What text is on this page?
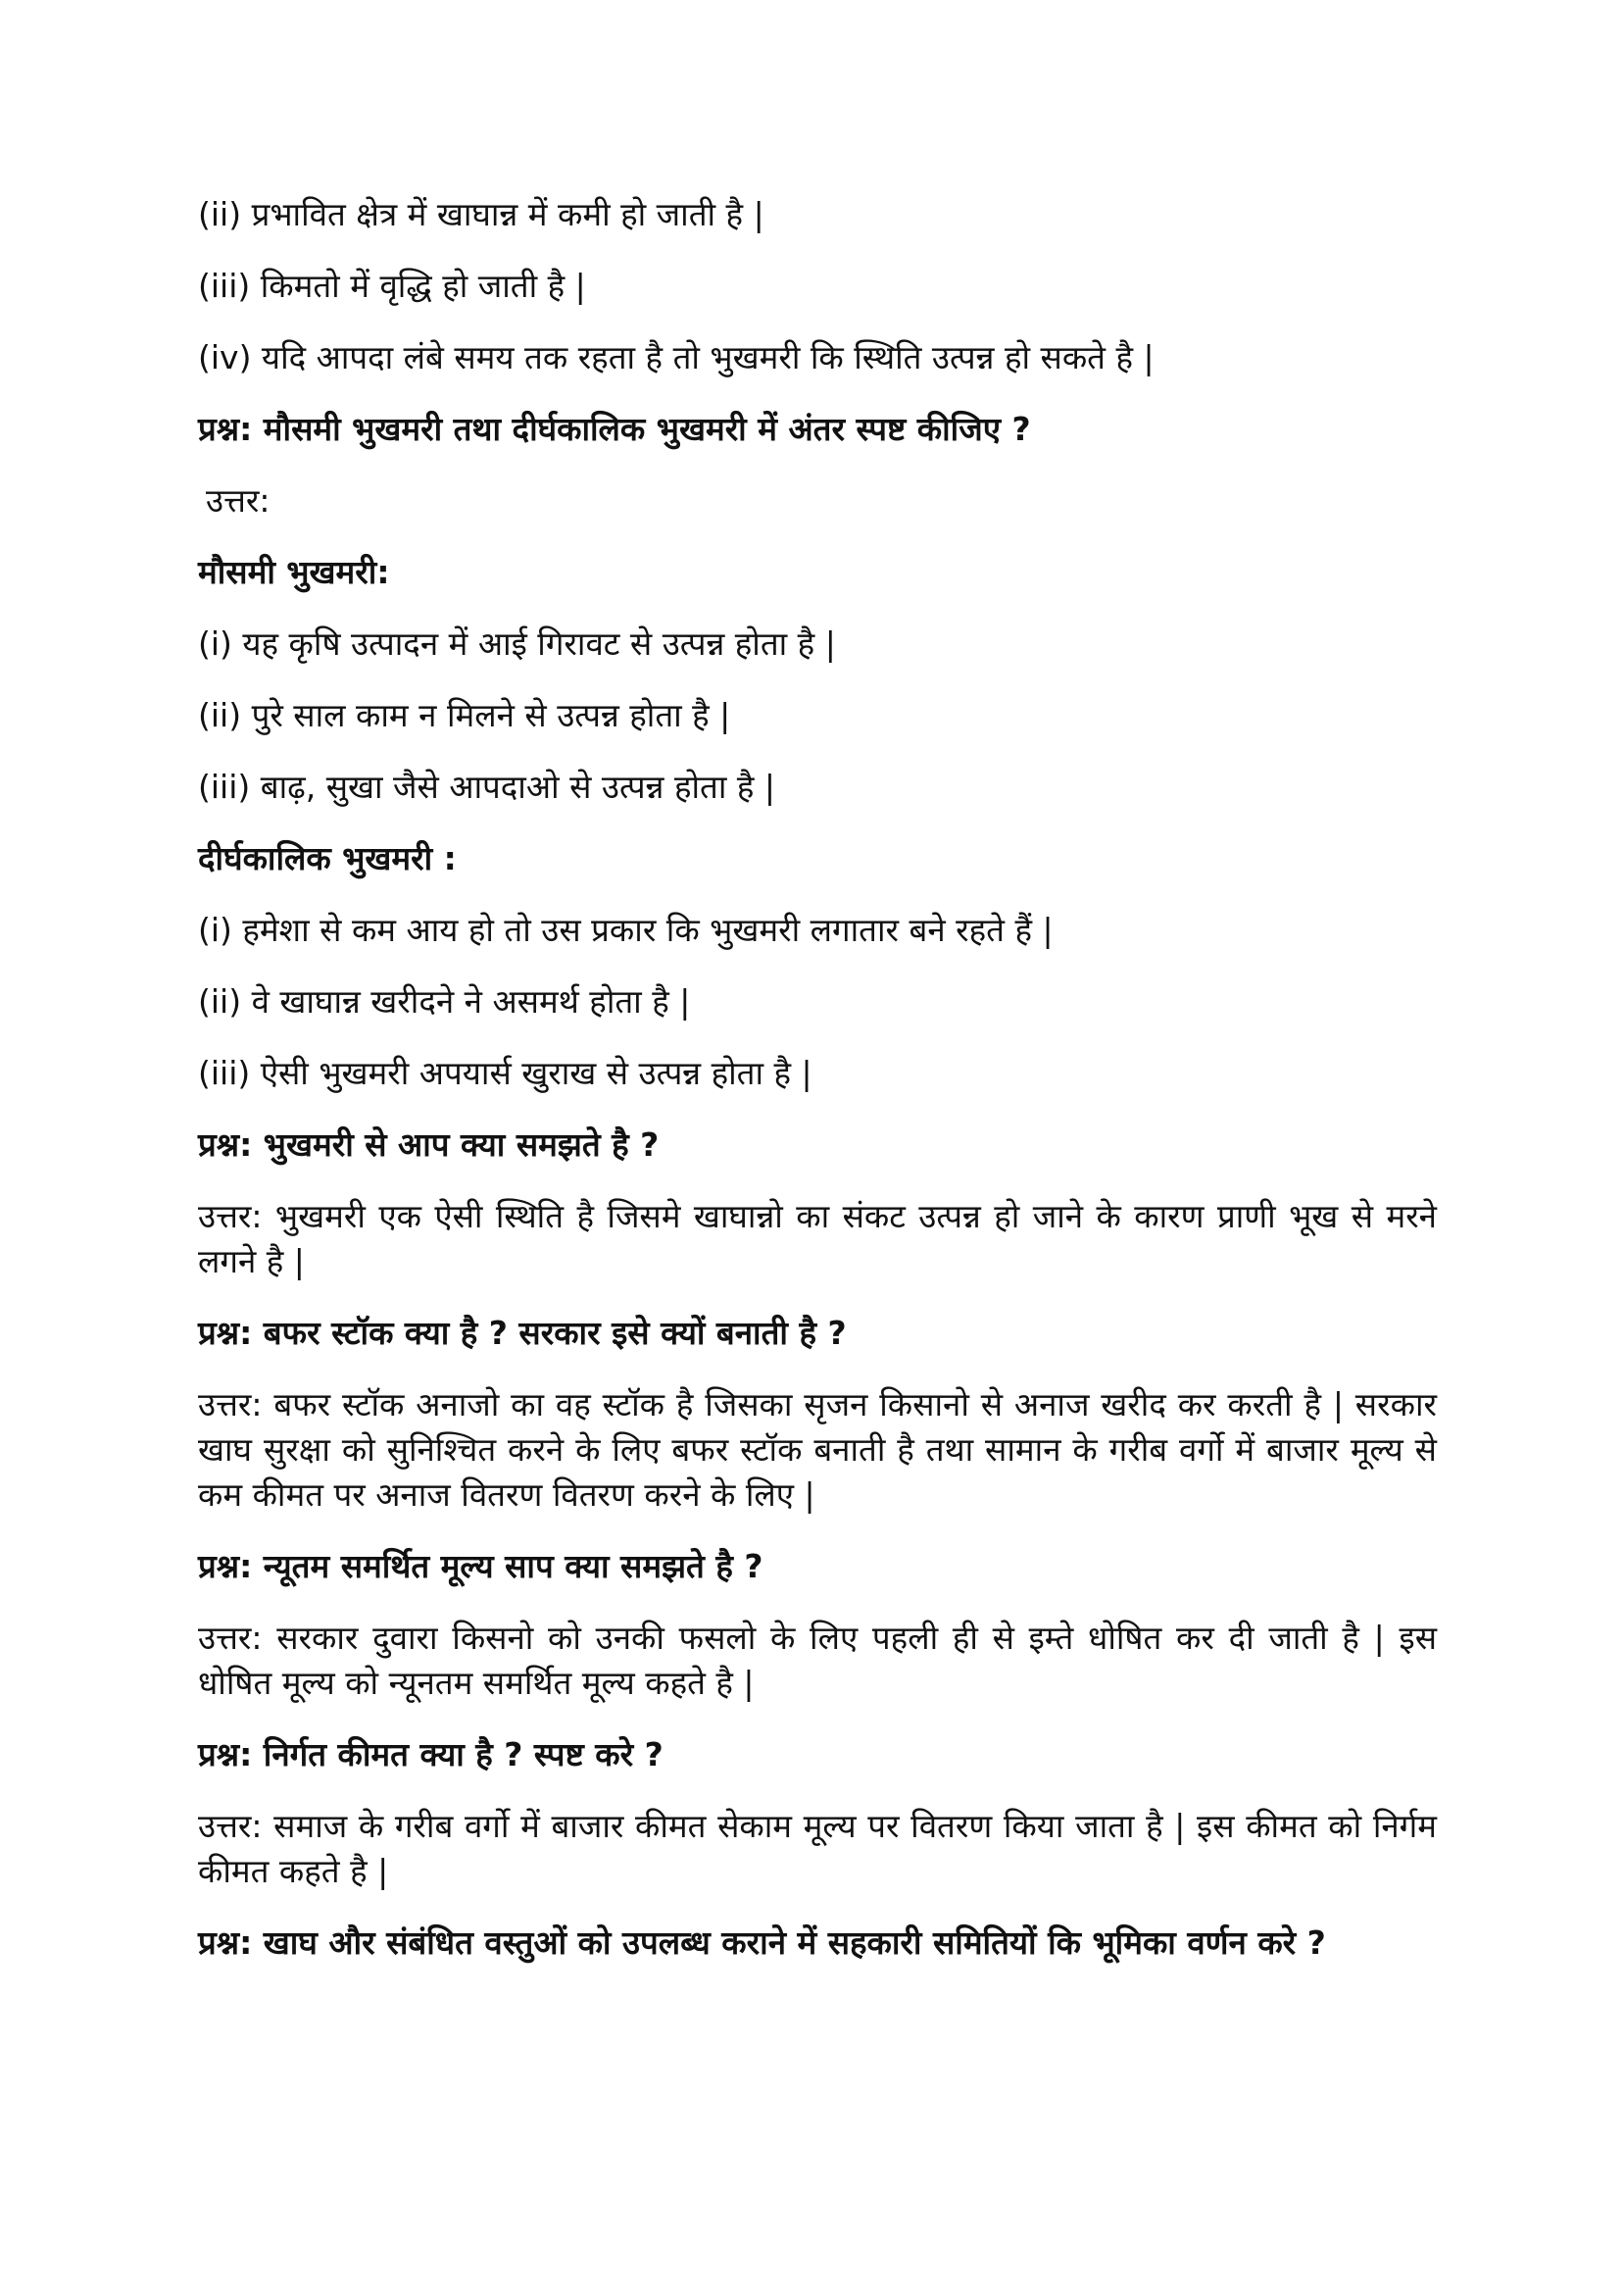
(ii) प्रभावित क्षेत्र में खाघान्न में कमी हो जाती है |
(iii) किमतो में वृद्धि हो जाती है |
(iv) यदि आपदा लंबे समय तक रहता है तो भुखमरी कि स्थिति उत्पन्न हो सकते है |
प्रश्न: मौसमी भुखमरी तथा दीर्घकालिक भुखमरी में अंतर स्पष्ट कीजिए ?
उत्तर:
मौसमी भुखमरी:
(i) यह कृषि उत्पादन में आई गिरावट से उत्पन्न होता है |
(ii) पुरे साल काम न मिलने से उत्पन्न होता है |
(iii) बाढ़, सुखा जैसे आपदाओ से उत्पन्न होता है |
दीर्घकालिक भुखमरी :
(i) हमेशा से कम आय हो तो उस प्रकार कि भुखमरी लगातार बने रहते हैं |
(ii) वे खाघान्न खरीदने ने असमर्थ होता है |
(iii) ऐसी भुखमरी अपयार्स खुराख से उत्पन्न होता है |
प्रश्न: भुखमरी से आप क्या समझते है ?
उत्तर: भुखमरी एक ऐसी स्थिति है जिसमे खाघान्नो का संकट उत्पन्न हो जाने के कारण प्राणी भूख से मरने लगने है |
प्रश्न: बफर स्टॉक क्या है ? सरकार इसे क्यों बनाती है ?
उत्तर: बफर स्टॉक अनाजो का वह स्टॉक है जिसका सृजन किसानो से अनाज खरीद कर करती है | सरकार खाघ सुरक्षा को सुनिश्चित करने के लिए बफर स्टॉक बनाती है तथा सामान के गरीब वर्गो में बाजार मूल्य से कम कीमत पर अनाज वितरण वितरण करने के लिए |
प्रश्न: न्यूतम समर्थित मूल्य साप क्या समझते है ?
उत्तर: सरकार दुवारा किसनो को उनकी फसलो के लिए पहली ही से इम्ते धोषित कर दी जाती है | इस धोषित मूल्य को न्यूनतम समर्थित मूल्य कहते है |
प्रश्न: निर्गत कीमत क्या है ? स्पष्ट करे ?
उत्तर: समाज के गरीब वर्गो में बाजार कीमत सेकाम मूल्य पर वितरण किया जाता है | इस कीमत को निर्गम कीमत कहते है |
प्रश्न: खाघ और संबंधित वस्तुओं को उपलब्ध कराने में सहकारी समितियों कि भूमिका वर्णन करे ?
